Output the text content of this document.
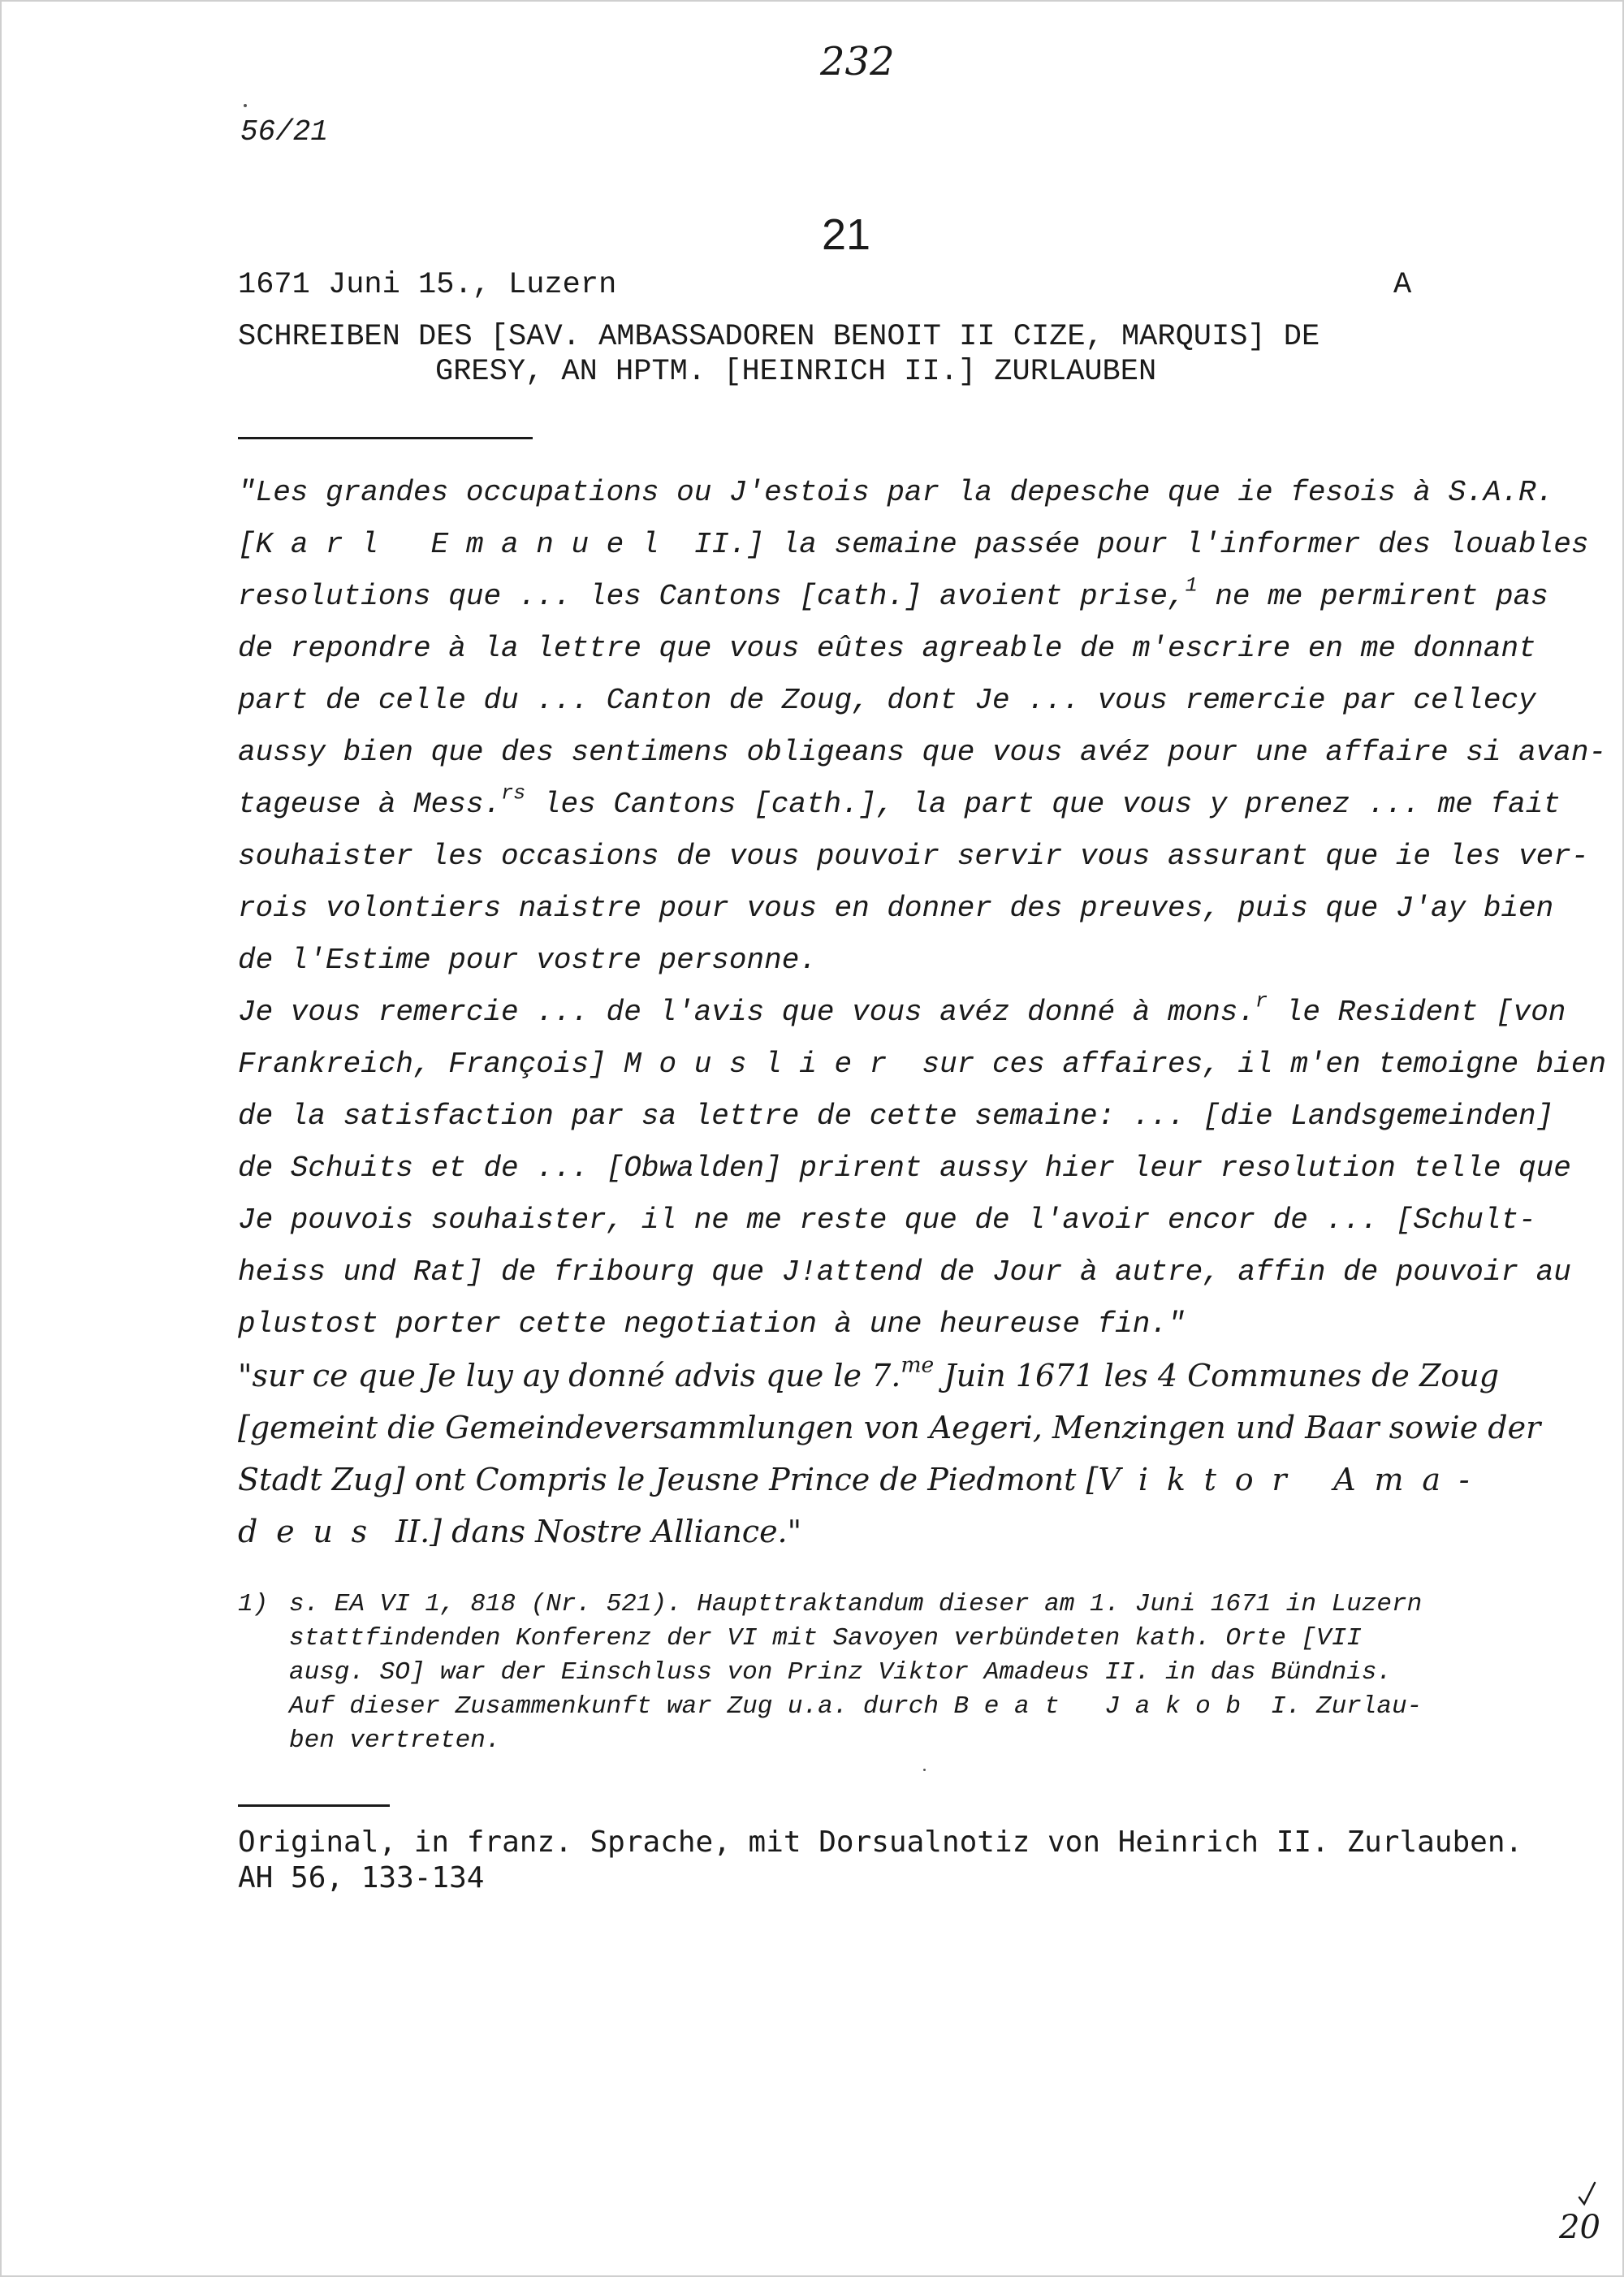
232
56/21
21
1671 Juni 15., Luzern	A
SCHREIBEN DES [SAV. AMBASSADOREN BENOIT II CIZE, MARQUIS] DE
GRESY, AN HPTM. [HEINRICH II.] ZURLAUBEN
"Les grandes occupations ou J'estois par la depesche que ie fesois à S.A.R.
[Karl Emanuel II.] la semaine passée pour l'informer des louables
resolutions que ... les Cantons [cath.] avoient prise,$^1$ ne me permirent pas
de repondre à la lettre que vous eûtes agreable de m'escrire en me donnant
part de celle du ... Canton de Zoug, dont Je ... vous remercie par cellecy
aussy bien que des sentimens obligeans que vous avéz pour une affaire si avan-
tageuse à Mess.$^{rs}$ les Cantons [cath.], la part que vous y prenez ... me fait
souhaister les occasions de vous pouvoir servir vous assurant que ie les ver-
rois volontiers naistre pour vous en donner des preuves, puis que J'ay bien
de l'Estime pour vostre personne.
Je vous remercie ... de l'avis que vous avéz donné à mons.$^r$ le Resident [von
Frankreich, François] Mouslier sur ces affaires, il m'en temoigne bien
de la satisfaction par sa lettre de cette semaine: ... [die Landsgemeinden]
de Schuits et de ... [Obwalden] prirent aussy hier leur resolution telle que
Je pouvois souhaister, il ne me reste que de l'avoir encor de ... [Schult-
heiss und Rat] de fribourg que J!attend de Jour à autre, affin de pouvoir au
plustost porter cette negotiation à une heureuse fin."
"sur ce que Je luy ay donné advis que le 7.$^{me}$ Juin 1671 les 4 Communes de Zoug
[gemeint die Gemeindeversammlungen von Aegeri, Menzingen und Baar sowie der
Stadt Zug] ont Compris le Jeusne Prince de Piedmont [Viktor Ama-
deus II.] dans Nostre Alliance."
1) s. EA VI 1, 818 (Nr. 521). Haupttraktandum dieser am 1. Juni 1671 in Luzern
stattfindenden Konferenz der VI mit Savoyen verbündeten kath. Orte [VII
ausg. SO] war der Einschluss von Prinz Viktor Amadeus II. in das Bündnis.
Auf dieser Zusammenkunft war Zug u.a. durch Beat Jakob I. Zurlau-
ben vertreten.
Original, in franz. Sprache, mit Dorsualnotiz von Heinrich II. Zurlauben.
AH 56, 133-134
20
